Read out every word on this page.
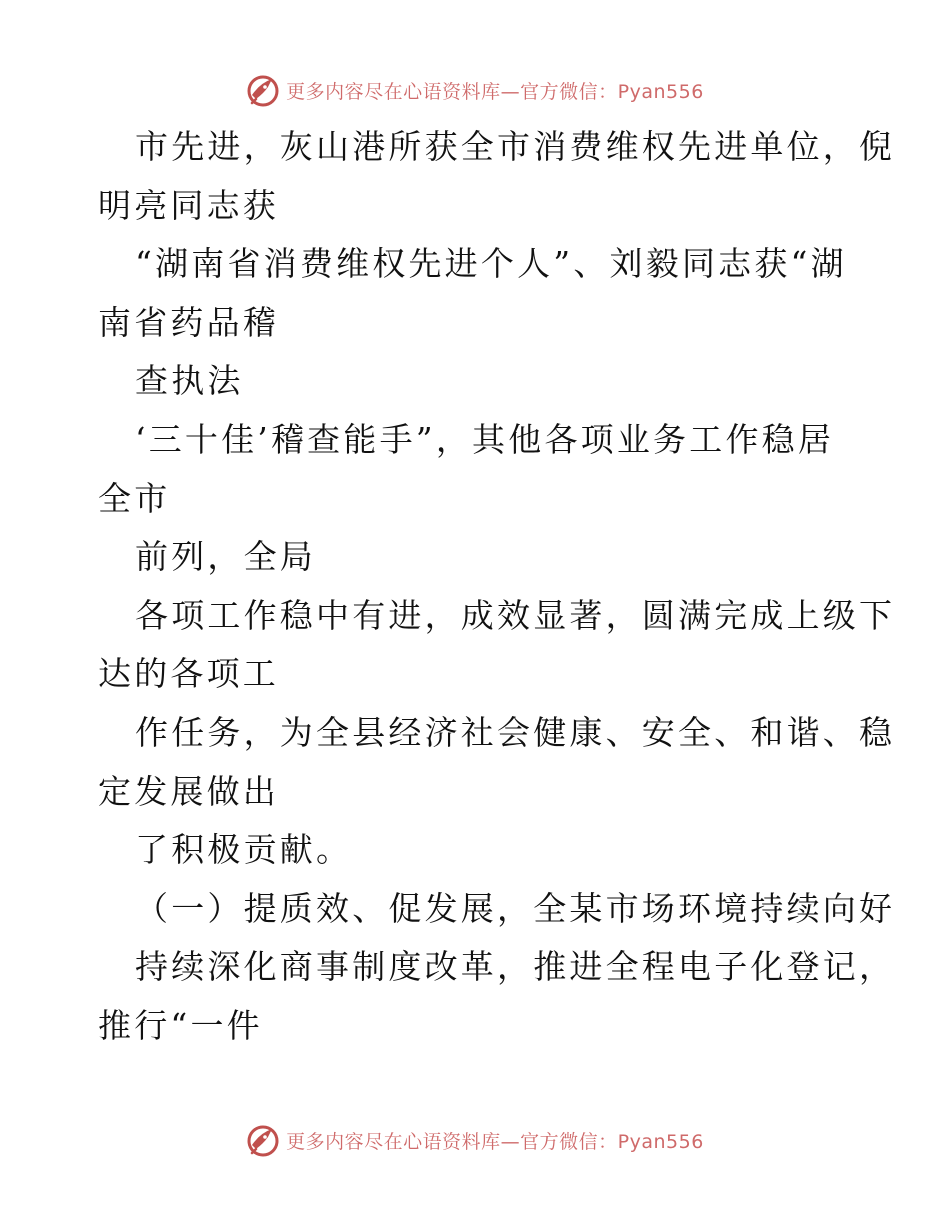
更多内容尽在心语资料库—官方微信：Pyan556
市先进，灰山港所获全市消费维权先进单位，倪
明亮同志获
“湖南省消费维权先进个人”、刘毅同志获“湖
南省药品稽
查执法
‘三十佳’稽查能手”，其他各项业务工作稳居
全市
前列，全局
各项工作稳中有进，成效显著，圆满完成上级下
达的各项工
作任务，为全县经济社会健康、安全、和谐、稳
定发展做出
了积极贡献。
（一）提质效、促发展，全某市场环境持续向好
持续深化商事制度改革，推进全程电子化登记，
推行“一件
更多内容尽在心语资料库—官方微信：Pyan556
